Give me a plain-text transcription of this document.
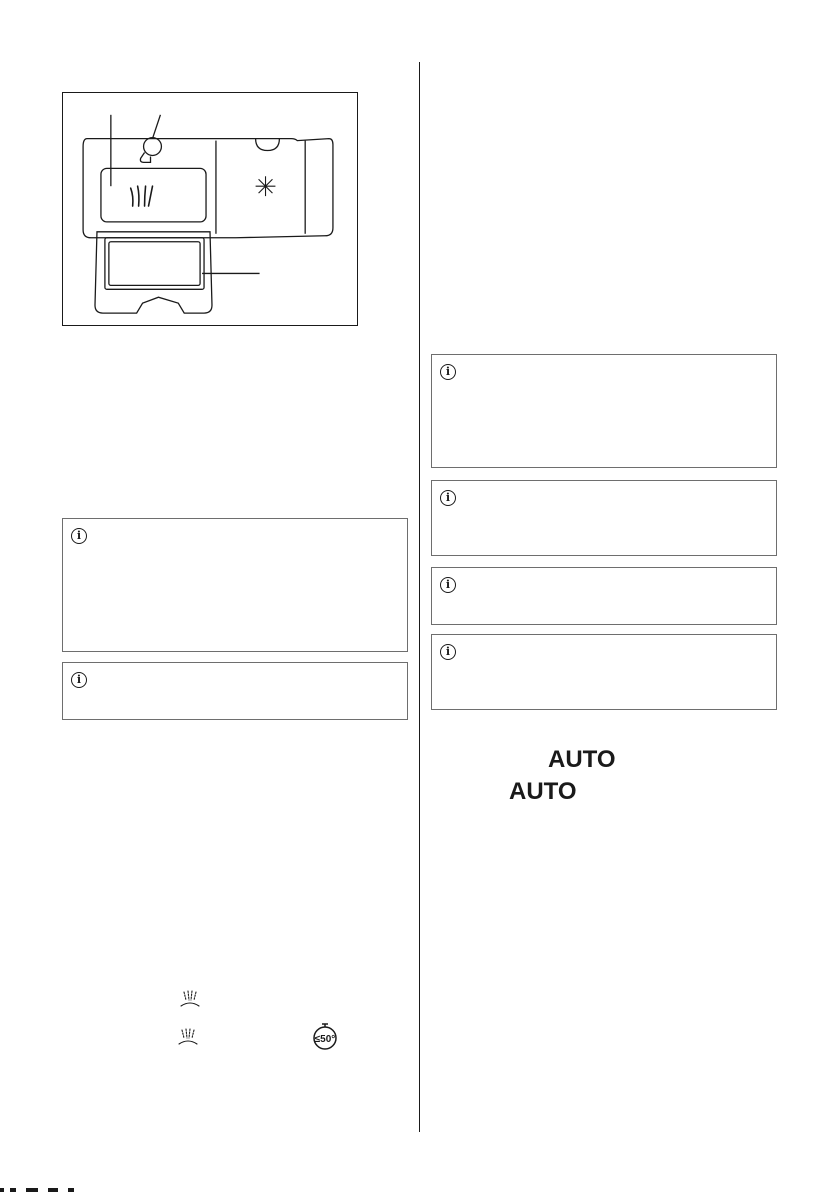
i
i
i
i
i
i
AUTO
AUTO
≤50°
